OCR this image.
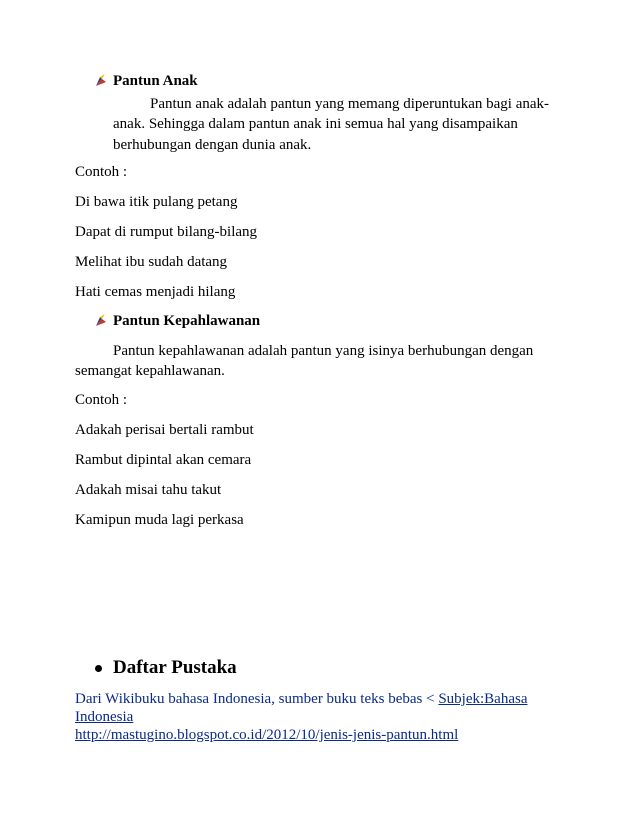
Pantun Anak
Pantun anak adalah pantun yang memang diperuntukan bagi anak-
anak. Sehingga dalam pantun anak ini semua hal yang disampaikan
berhubungan dengan dunia anak.
Contoh :
Di bawa itik pulang petang
Dapat di rumput bilang-bilang
Melihat ibu sudah datang
Hati cemas menjadi hilang
Pantun Kepahlawanan
Pantun kepahlawanan adalah pantun yang isinya berhubungan dengan
semangat kepahlawanan.
Contoh :
Adakah perisai bertali rambut
Rambut dipintal akan cemara
Adakah misai tahu takut
Kamipun muda lagi perkasa
Daftar Pustaka
Dari Wikibuku bahasa Indonesia, sumber buku teks bebas < Subjek:Bahasa
Indonesia
http://mastugino.blogspot.co.id/2012/10/jenis-jenis-pantun.html
